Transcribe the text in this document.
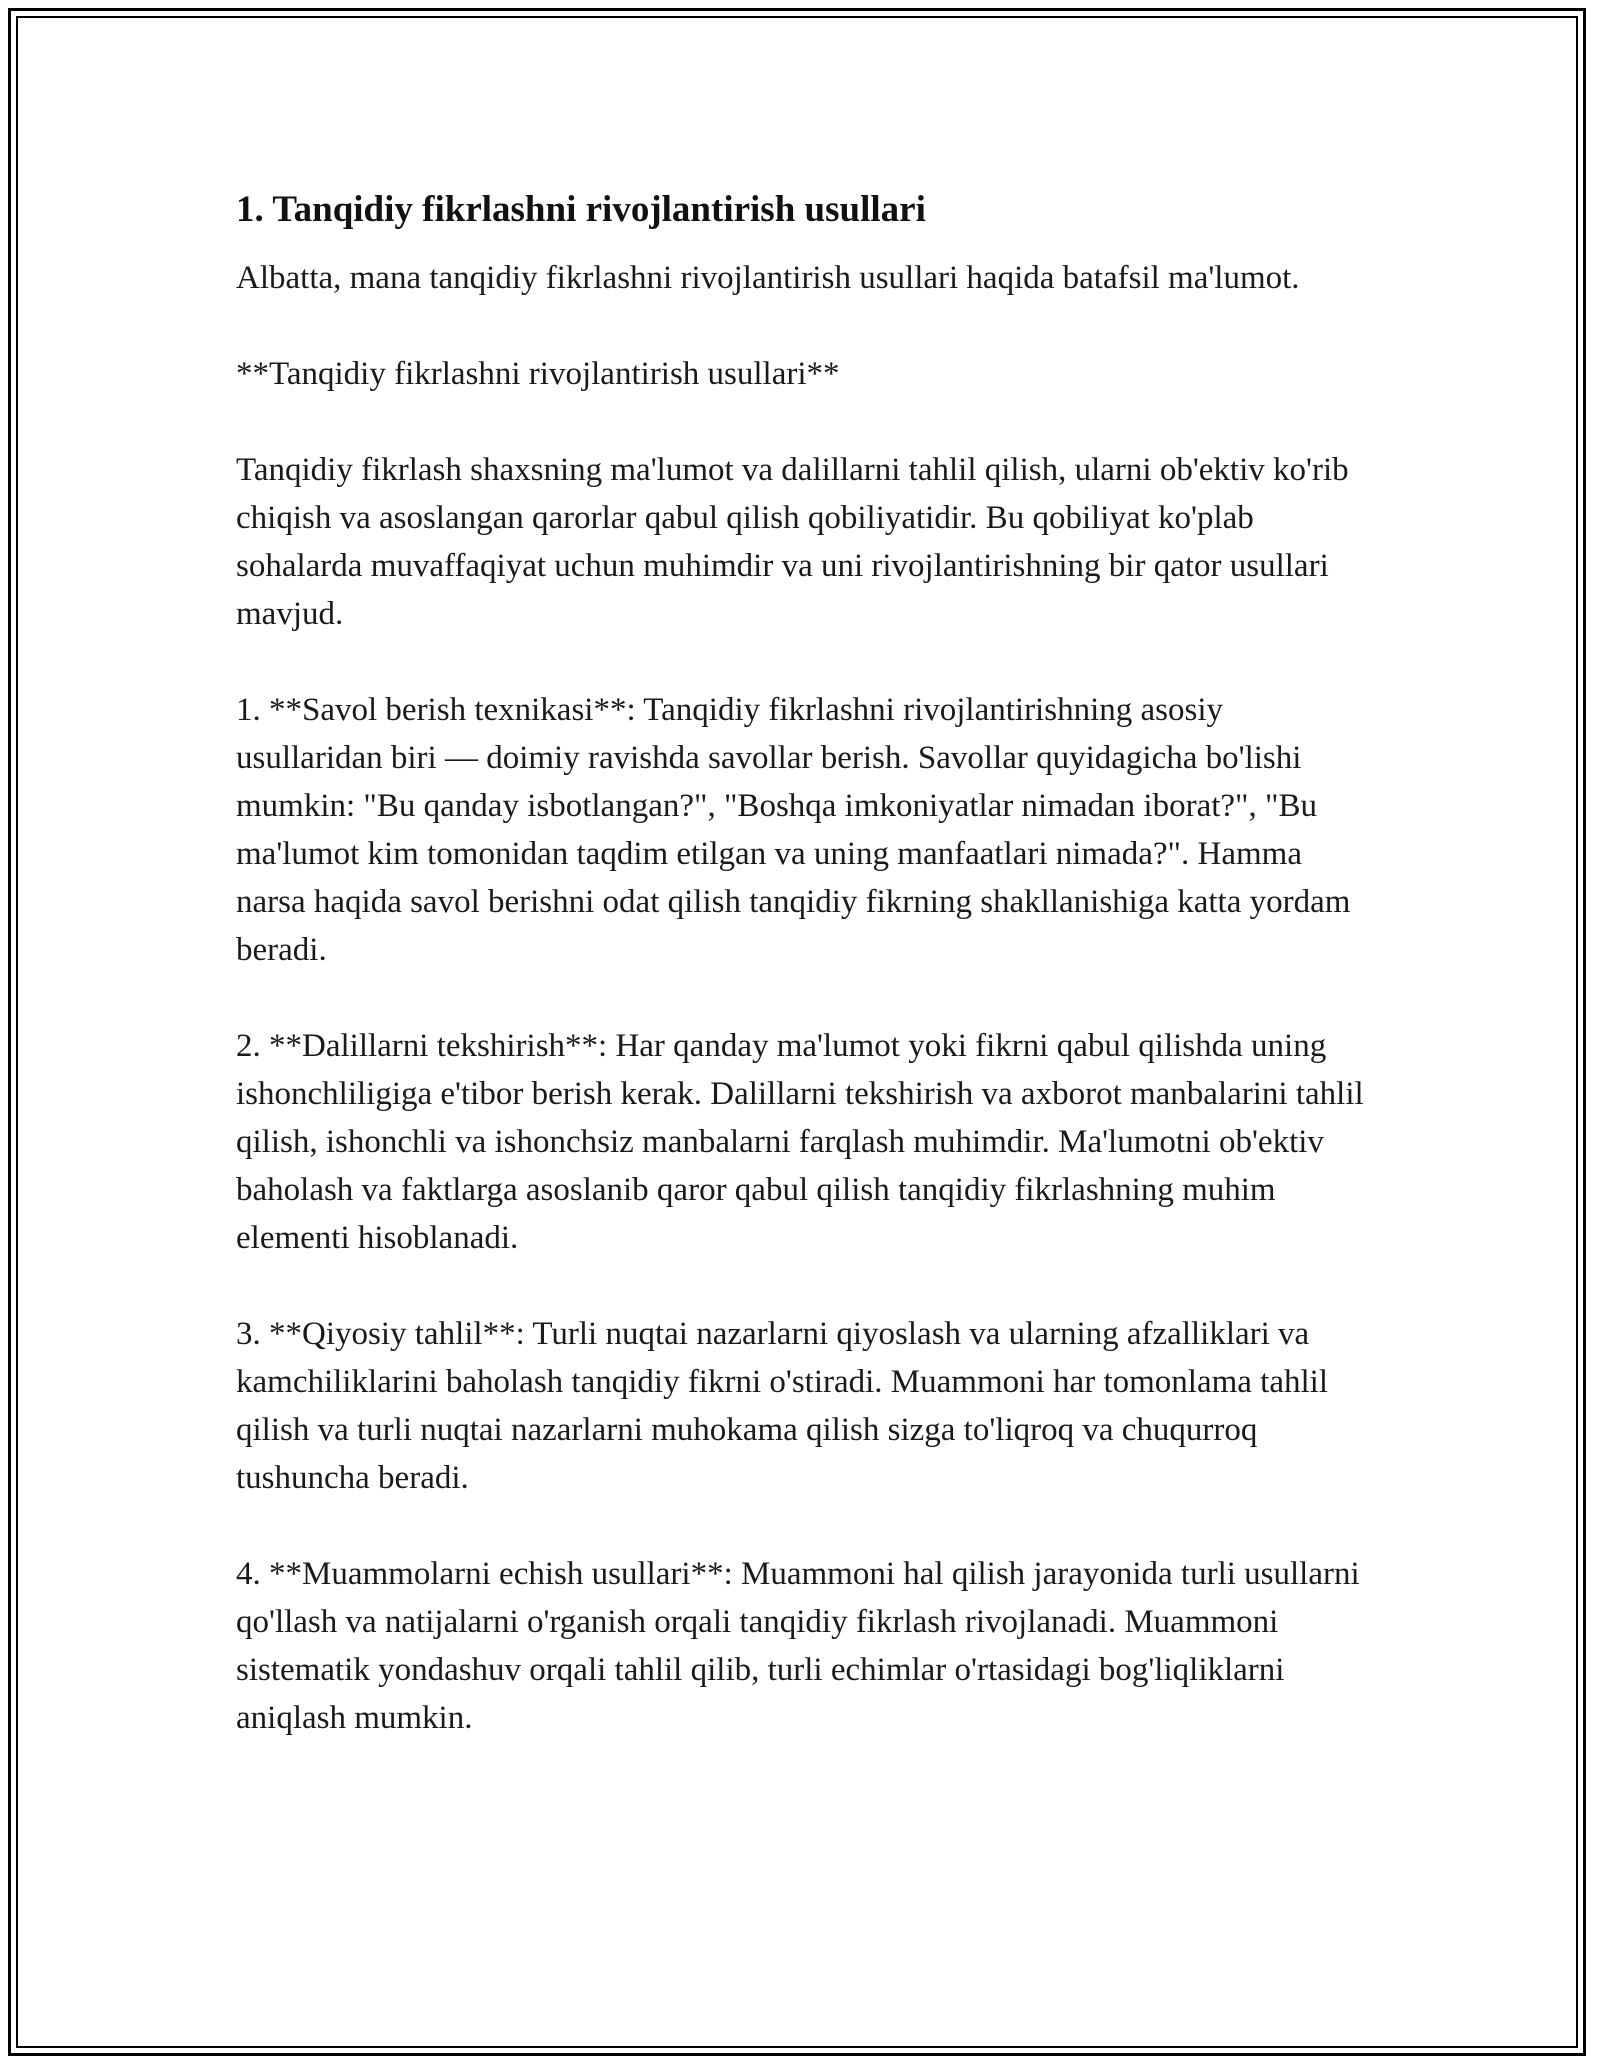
1. Tanqidiy fikrlashni rivojlantirish usullari

Albatta, mana tanqidiy fikrlashni rivojlantirish usullari haqida batafsil ma'lumot.

**Tanqidiy fikrlashni rivojlantirish usullari**

Tanqidiy fikrlash shaxsning ma'lumot va dalillarni tahlil qilish, ularni ob'ektiv ko'rib chiqish va asoslangan qarorlar qabul qilish qobiliyatidir. Bu qobiliyat ko'plab sohalarda muvaffaqiyat uchun muhimdir va uni rivojlantirishning bir qator usullari mavjud.

1. **Savol berish texnikasi**: Tanqidiy fikrlashni rivojlantirishning asosiy usullaridan biri — doimiy ravishda savollar berish. Savollar quyidagicha bo'lishi mumkin: "Bu qanday isbotlangan?", "Boshqa imkoniyatlar nimadan iborat?", "Bu ma'lumot kim tomonidan taqdim etilgan va uning manfaatlari nimada?". Hamma narsa haqida savol berishni odat qilish tanqidiy fikrning shakllanishiga katta yordam beradi.

2. **Dalillarni tekshirish**: Har qanday ma'lumot yoki fikrni qabul qilishda uning ishonchliligiga e'tibor berish kerak. Dalillarni tekshirish va axborot manbalarini tahlil qilish, ishonchli va ishonchsiz manbalarni farqlash muhimdir. Ma'lumotni ob'ektiv baholash va faktlarga asoslanib qaror qabul qilish tanqidiy fikrlashning muhim elementi hisoblanadi.

3. **Qiyosiy tahlil**: Turli nuqtai nazarlarni qiyoslash va ularning afzalliklari va kamchiliklarini baholash tanqidiy fikrni o'stiradi. Muammoni har tomonlama tahlil qilish va turli nuqtai nazarlarni muhokama qilish sizga to'liqroq va chuqurroq tushuncha beradi.

4. **Muammolarni echish usullari**: Muammoni hal qilish jarayonida turli usullarni qo'llash va natijalarni o'rganish orqali tanqidiy fikrlash rivojlanadi. Muammoni sistematik yondashuv orqali tahlil qilib, turli echimlar o'rtasidagi bog'liqliklarni aniqlash mumkin.
